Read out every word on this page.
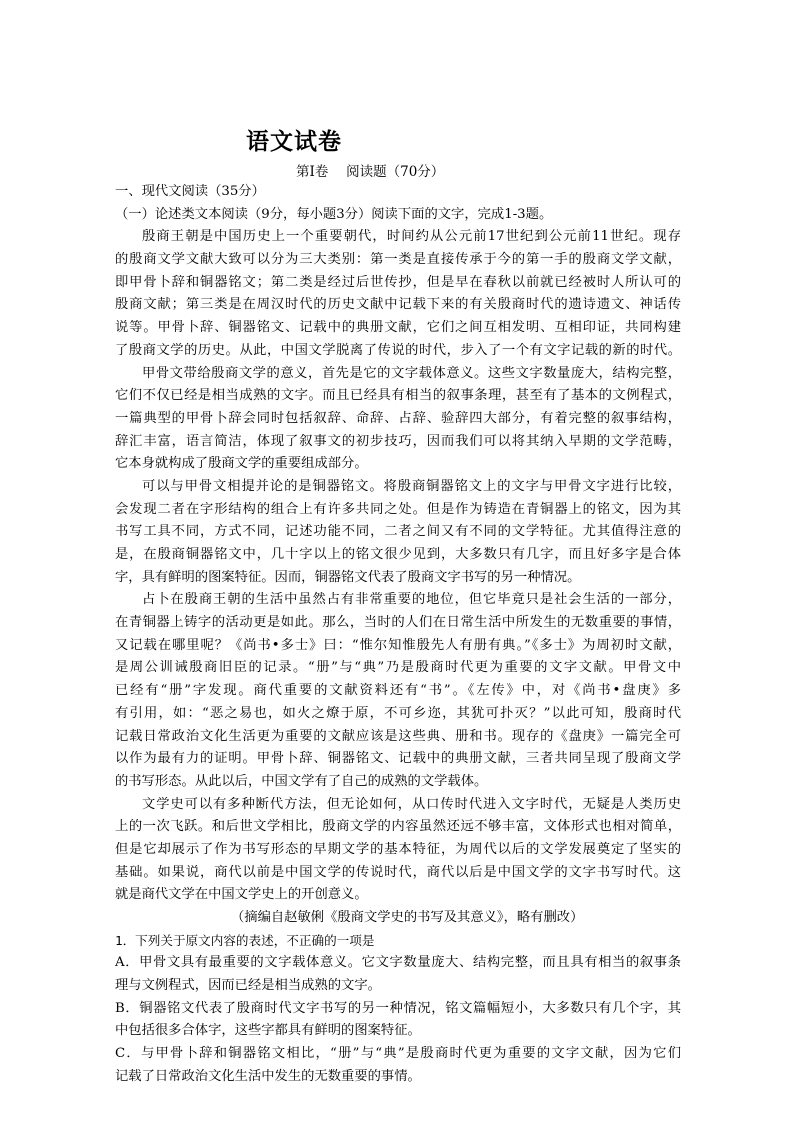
语文试卷
第Ⅰ卷　 阅读题（70分）
一、现代文阅读（35分）
（一）论述类文本阅读（9分，每小题3分）阅读下面的文字，完成1-3题。
殷商王朝是中国历史上一个重要朝代，时间约从公元前17世纪到公元前11世纪。现存
的殷商文学文献大致可以分为三大类别：第一类是直接传承于今的第一手的殷商文学文献，
即甲骨卜辞和铜器铭文；第二类是经过后世传抄，但是早在春秋以前就已经被时人所认可的
殷商文献；第三类是在周汉时代的历史文献中记载下来的有关殷商时代的遗诗遗文、神话传
说等。甲骨卜辞、铜器铭文、记载中的典册文献，它们之间互相发明、互相印证，共同构建
了殷商文学的历史。从此，中国文学脱离了传说的时代，步入了一个有文字记载的新的时代。
甲骨文带给殷商文学的意义，首先是它的文字载体意义。这些文字数量庞大，结构完整，
它们不仅已经是相当成熟的文字。而且已经具有相当的叙事条理，甚至有了基本的文例程式，
一篇典型的甲骨卜辞会同时包括叙辞、命辞、占辞、验辞四大部分，有着完整的叙事结构，
辞汇丰富，语言简洁，体现了叙事文的初步技巧，因而我们可以将其纳入早期的文学范畴，
它本身就构成了殷商文学的重要组成部分。
可以与甲骨文相提并论的是铜器铭文。将殷商铜器铭文上的文字与甲骨文字进行比较，
会发现二者在字形结构的组合上有许多共同之处。但是作为铸造在青铜器上的铭文，因为其
书写工具不同，方式不同，记述功能不同，二者之间又有不同的文学特征。尤其值得注意的
是，在殷商铜器铭文中，几十字以上的铭文很少见到，大多数只有几字，而且好多字是合体
字，具有鲜明的图案特征。因而，铜器铭文代表了殷商文字书写的另一种情况。
占卜在殷商王朝的生活中虽然占有非常重要的地位，但它毕竟只是社会生活的一部分，
在青铜器上铸字的活动更是如此。那么，当时的人们在日常生活中所发生的无数重要的事情，
又记载在哪里呢？《尚书•多士》曰：“惟尔知惟殷先人有册有典。”《多士》为周初时文献，
是周公训诫殷商旧臣的记录。“册”与“典”乃是殷商时代更为重要的文字文献。甲骨文中
已经有“册”字发现。商代重要的文献资料还有“书”。《左传》中，对《尚书•盘庚》多
有引用，如：“恶之易也，如火之燎于原，不可乡迩，其犹可扑灭？”以此可知，殷商时代
记载日常政治文化生活更为重要的文献应该是这些典、册和书。现存的《盘庚》一篇完全可
以作为最有力的证明。甲骨卜辞、铜器铭文、记载中的典册文献，三者共同呈现了殷商文学
的书写形态。从此以后，中国文学有了自己的成熟的文学载体。
文学史可以有多种断代方法，但无论如何，从口传时代进入文字时代，无疑是人类历史
上的一次飞跃。和后世文学相比，殷商文学的内容虽然还远不够丰富，文体形式也相对简单，
但是它却展示了作为书写形态的早期文学的基本特征，为周代以后的文学发展奠定了坚实的
基础。如果说，商代以前是中国文学的传说时代，商代以后是中国文学的文字书写时代。这
就是商代文学在中国文学史上的开创意义。
（摘编自赵敏俐《殷商文学史的书写及其意义》，略有删改）
1．下列关于原文内容的表述，不正确的一项是
A．甲骨文具有最重要的文字载体意义。它文字数量庞大、结构完整，而且具有相当的叙事条
理与文例程式，因而已经是相当成熟的文字。
B．铜器铭文代表了殷商时代文字书写的另一种情况，铭文篇幅短小，大多数只有几个字，其
中包括很多合体字，这些字都具有鲜明的图案特征。
C．与甲骨卜辞和铜器铭文相比，“册”与“典”是殷商时代更为重要的文字文献，因为它们
记载了日常政治文化生活中发生的无数重要的事情。
